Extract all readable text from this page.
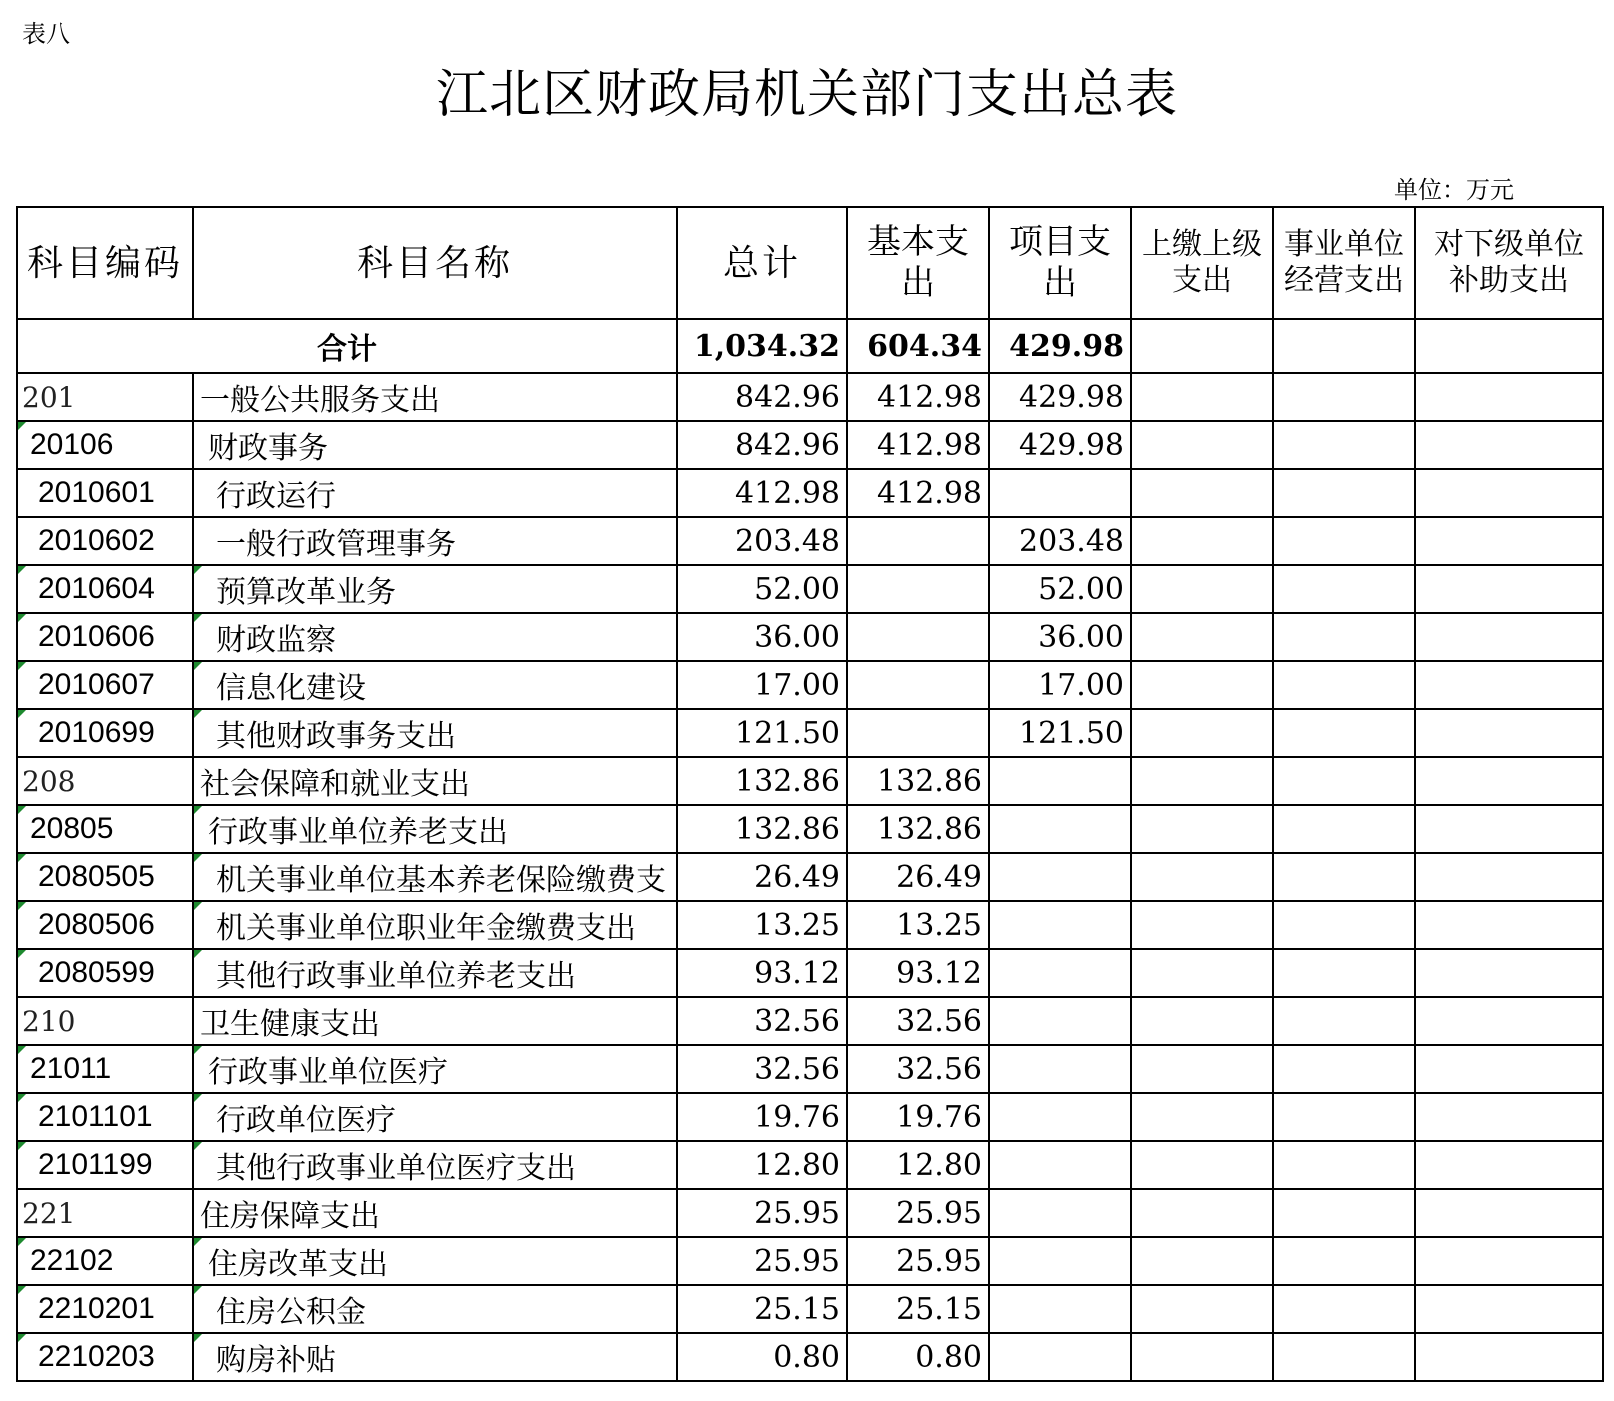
表八
江北区财政局机关部门支出总表
单位：万元
科目编码	科目名称	总计	基本支出	项目支出	上缴上级支出	事业单位经营支出	对下级单位补助支出
合计		1,034.32	604.34	429.98			
201	一般公共服务支出	842.96	412.98	429.98			
20106	财政事务	842.96	412.98	429.98			
2010601	行政运行	412.98	412.98				
2010602	一般行政管理事务	203.48		203.48			
2010604	预算改革业务	52.00		52.00			
2010606	财政监察	36.00		36.00			
2010607	信息化建设	17.00		17.00			
2010699	其他财政事务支出	121.50		121.50			
208	社会保障和就业支出	132.86	132.86				
20805	行政事业单位养老支出	132.86	132.86				
2080505	机关事业单位基本养老保险缴费支	26.49	26.49				
2080506	机关事业单位职业年金缴费支出	13.25	13.25				
2080599	其他行政事业单位养老支出	93.12	93.12				
210	卫生健康支出	32.56	32.56				
21011	行政事业单位医疗	32.56	32.56				
2101101	行政单位医疗	19.76	19.76				
2101199	其他行政事业单位医疗支出	12.80	12.80				
221	住房保障支出	25.95	25.95				
22102	住房改革支出	25.95	25.95				
2210201	住房公积金	25.15	25.15				
2210203	购房补贴	0.80	0.80				
